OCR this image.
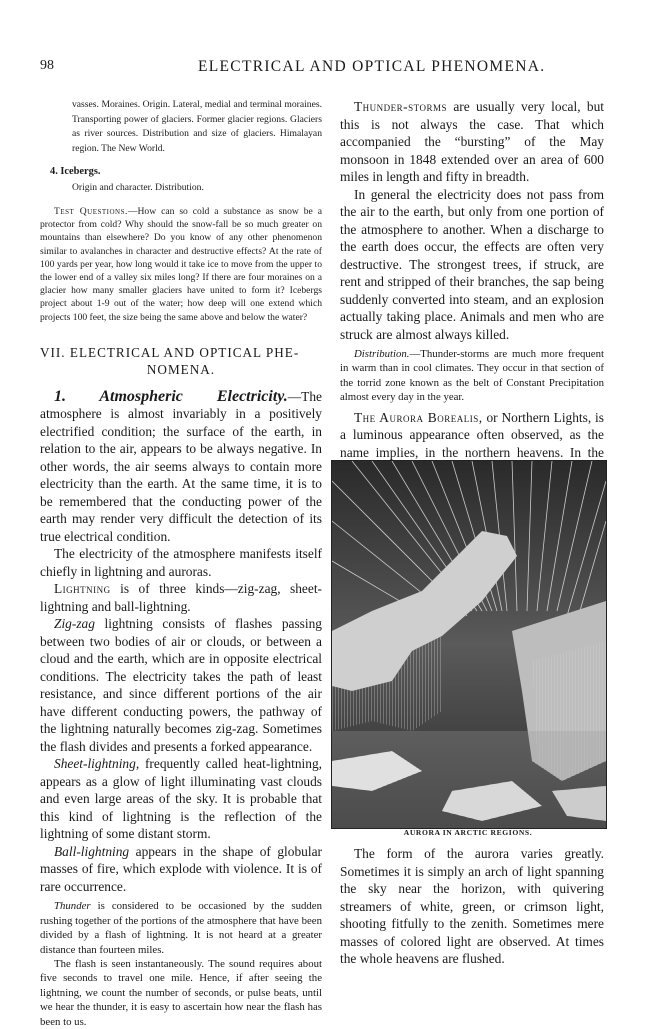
98	ELECTRICAL AND OPTICAL PHENOMENA.

vasses. Moraines. Origin. Lateral, medial and terminal moraines. Transporting power of glaciers. Former glacier regions. Glaciers as river sources. Distribution and size of glaciers. Himalayan region. The New World.

4. Icebergs.

Origin and character. Distribution.

Test Questions.—How can so cold a substance as snow be a protector from cold? Why should the snow-fall be so much greater on mountains than elsewhere? Do you know of any other phenomenon similar to avalanches in character and destructive effects? At the rate of 100 yards per year, how long would it take ice to move from the upper to the lower end of a valley six miles long? If there are four moraines on a glacier how many smaller glaciers have united to form it? Icebergs project about 1-9 out of the water; how deep will one extend which projects 100 feet, the size being the same above and below the water?

VII. ELECTRICAL AND OPTICAL PHE-
NOMENA.

1. Atmospheric Electricity.—The atmosphere is almost invariably in a positively electrified condition; the surface of the earth, in relation to the air, appears to be always negative. In other words, the air seems always to contain more electricity than the earth. At the same time, it is to be remembered that the conducting power of the earth may render very difficult the detection of its true electrical condition.

The electricity of the atmosphere manifests itself chiefly in lightning and auroras.

Lightning is of three kinds—zig-zag, sheet-lightning and ball-lightning.

Zig-zag lightning consists of flashes passing between two bodies of air or clouds, or between a cloud and the earth, which are in opposite electrical conditions. The electricity takes the path of least resistance, and since different portions of the air have different conducting powers, the pathway of the lightning naturally becomes zig-zag. Sometimes the flash divides and presents a forked appearance.

Sheet-lightning, frequently called heat-lightning, appears as a glow of light illuminating vast clouds and even large areas of the sky. It is probable that this kind of lightning is the reflection of the lightning of some distant storm.

Ball-lightning appears in the shape of globular masses of fire, which explode with violence. It is of rare occurrence.

Thunder is considered to be occasioned by the sudden rushing together of the portions of the atmosphere that have been divided by a flash of lightning. It is not heard at a greater distance than fourteen miles.

The flash is seen instantaneously. The sound requires about five seconds to travel one mile. Hence, if after seeing the lightning, we count the number of seconds, or pulse beats, until we hear the thunder, it is easy to ascertain how near the flash has been to us.

Thunder-storms are usually very local, but this is not always the case. That which accompanied the “bursting” of the May monsoon in 1848 extended over an area of 600 miles in length and fifty in breadth.

In general the electricity does not pass from the air to the earth, but only from one portion of the atmosphere to another. When a discharge to the earth does occur, the effects are often very destructive. The strongest trees, if struck, are rent and stripped of their branches, the sap being suddenly converted into steam, and an explosion actually taking place. Animals and men who are struck are almost always killed.

Distribution.—Thunder-storms are much more frequent in warm than in cool climates. They occur in that section of the torrid zone known as the belt of Constant Precipitation almost every day in the year.

The Aurora Borealis, or Northern Lights, is a luminous appearance often observed, as the name implies, in the northern heavens. In the

AURORA IN ARCTIC REGIONS.

The form of the aurora varies greatly. Sometimes it is simply an arch of light spanning the sky near the horizon, with quivering streamers of white, green, or crimson light, shooting fitfully to the zenith. Sometimes mere masses of colored light are observed. At times the whole heavens are flushed.
